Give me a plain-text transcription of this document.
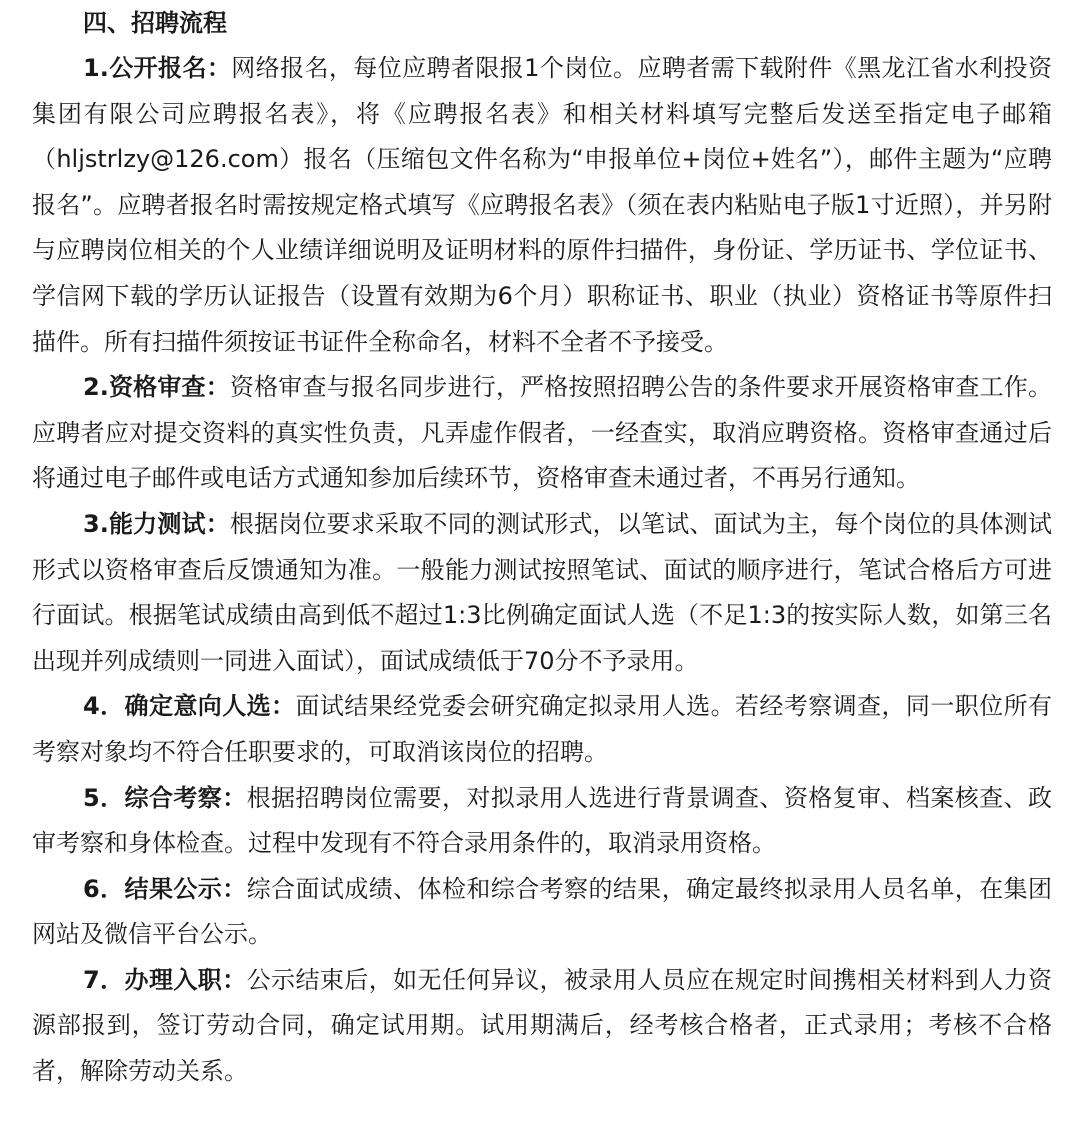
四、招聘流程

1.公开报名：网络报名，每位应聘者限报1个岗位。应聘者需下载附件《黑龙江省水利投资集团有限公司应聘报名表》，将《应聘报名表》和相关材料填写完整后发送至指定电子邮箱（hljstrlzy@126.com）报名（压缩包文件名称为“申报单位+岗位+姓名”），邮件主题为“应聘报名”。应聘者报名时需按规定格式填写《应聘报名表》（须在表内粘贴电子版1寸近照），并另附与应聘岗位相关的个人业绩详细说明及证明材料的原件扫描件，身份证、学历证书、学位证书、学信网下载的学历认证报告（设置有效期为6个月）职称证书、职业（执业）资格证书等原件扫描件。所有扫描件须按证书证件全称命名，材料不全者不予接受。

2.资格审查：资格审查与报名同步进行，严格按照招聘公告的条件要求开展资格审查工作。应聘者应对提交资料的真实性负责，凡弄虚作假者，一经查实，取消应聘资格。资格审查通过后将通过电子邮件或电话方式通知参加后续环节，资格审查未通过者，不再另行通知。

3.能力测试：根据岗位要求采取不同的测试形式，以笔试、面试为主，每个岗位的具体测试形式以资格审查后反馈通知为准。一般能力测试按照笔试、面试的顺序进行，笔试合格后方可进行面试。根据笔试成绩由高到低不超过1:3比例确定面试人选（不足1:3的按实际人数，如第三名出现并列成绩则一同进入面试），面试成绩低于70分不予录用。

4．确定意向人选：面试结果经党委会研究确定拟录用人选。若经考察调查，同一职位所有考察对象均不符合任职要求的，可取消该岗位的招聘。

5．综合考察：根据招聘岗位需要，对拟录用人选进行背景调查、资格复审、档案核查、政审考察和身体检查。过程中发现有不符合录用条件的，取消录用资格。

6．结果公示：综合面试成绩、体检和综合考察的结果，确定最终拟录用人员名单，在集团网站及微信平台公示。

7．办理入职：公示结束后，如无任何异议，被录用人员应在规定时间携相关材料到人力资源部报到，签订劳动合同，确定试用期。试用期满后，经考核合格者，正式录用；考核不合格者，解除劳动关系。
